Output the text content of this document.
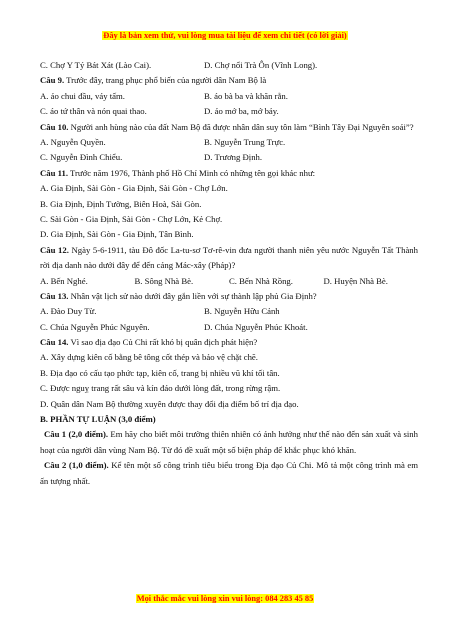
Đây là bản xem thử, vui lòng mua tài liệu để xem chi tiết (có lời giải)
C. Chợ Y Tý Bát Xát (Lào Cai).	D. Chợ nổi Trà Ôn (Vĩnh Long).
Câu 9. Trước đây, trang phục phổ biến của người dân Nam Bộ là
A. áo chui đầu, váy tấm.	B. áo bà ba và khăn rằn.
C. áo tứ thân và nón quai thao.	D. áo mớ ba, mớ bảy.
Câu 10. Người anh hùng nào của đất Nam Bộ đã được nhân dân suy tôn làm “Bình Tây Đại Nguyên soái”?
A. Nguyễn Quyền.	B. Nguyễn Trung Trực.
C. Nguyễn Đình Chiểu.	D. Trương Định.
Câu 11. Trước năm 1976, Thành phố Hồ Chí Minh có những tên gọi khác như:
A. Gia Định, Sài Gòn - Gia Định, Sài Gòn - Chợ Lớn.
B. Gia Định, Định Tường, Biên Hoà, Sài Gòn.
C. Sài Gòn - Gia Định, Sài Gòn - Chợ Lớn, Kẻ Chợ.
D. Gia Định, Sài Gòn - Gia Định, Tân Bình.
Câu 12. Ngày 5-6-1911, tàu Đô đốc La-tu-sơ Tơ-rê-vin đưa người thanh niên yêu nước Nguyễn Tất Thành rời địa danh nào dưới đây để đến cảng Mác-xây (Pháp)?
A. Bến Nghé.	B. Sông Nhà Bè.	C. Bến Nhà Rồng.	D. Huyện Nhà Bè.
Câu 13. Nhân vật lịch sử nào dưới đây gắn liền với sự thành lập phủ Gia Định?
A. Đào Duy Từ.	B. Nguyễn Hữu Cảnh
C. Chúa Nguyễn Phúc Nguyên.	D. Chúa Nguyễn Phúc Khoát.
Câu 14. Vì sao địa đạo Củ Chi rất khó bị quân địch phát hiện?
A. Xây dựng kiên cố bằng bê tông cốt thép và bảo vệ chặt chẽ.
B. Địa đạo có cấu tạo phức tạp, kiên cố, trang bị nhiều vũ khí tối tân.
C. Được nguỵ trang rất sâu và kín đáo dưới lòng đất, trong rừng rậm.
D. Quân dân Nam Bộ thường xuyên được thay đổi địa điểm bố trí địa đạo.
B. PHẦN TỰ LUẬN (3,0 điểm)
Câu 1 (2,0 điểm). Em hãy cho biết môi trường thiên nhiên có ảnh hưởng như thế nào đến sản xuất và sinh hoạt của người dân vùng Nam Bộ. Từ đó đề xuất một số biện pháp để khắc phục khó khăn.
Câu 2 (1,0 điểm). Kể tên một số công trình tiêu biểu trong Địa đạo Củ Chi. Mô tả một công trình mà em ấn tượng nhất.
Mọi thắc mắc vui lòng xin vui lòng: 084 283 45 85
